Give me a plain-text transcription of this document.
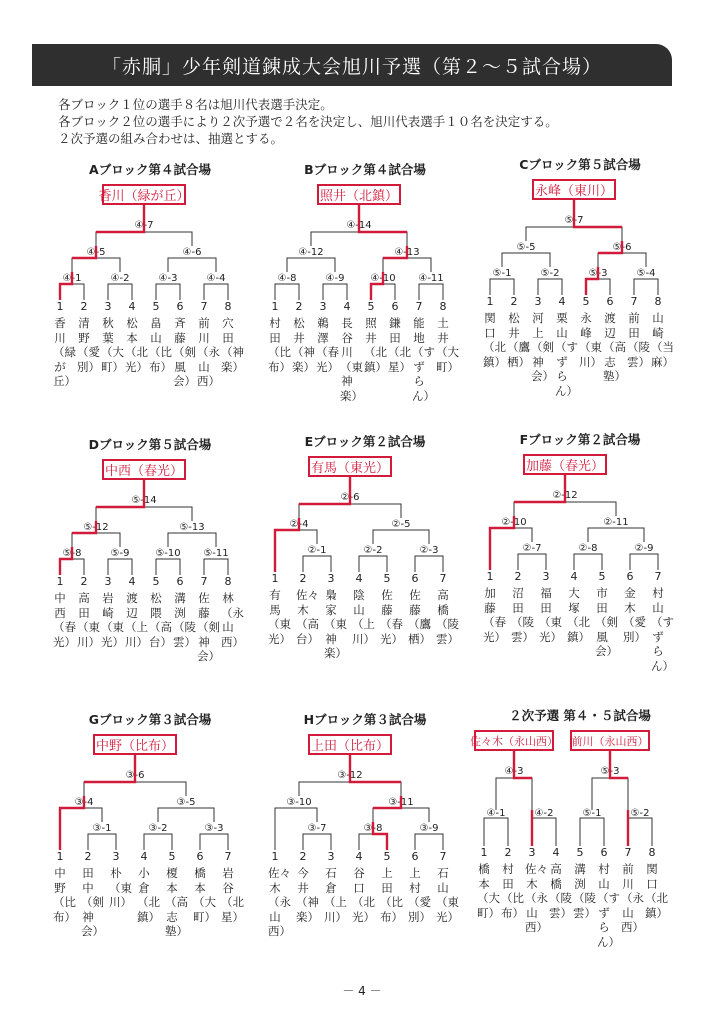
「赤胴」少年剣道錬成大会旭川予選（第２～５試合場）
各ブロック１位の選手８名は旭川代表選手決定。
各ブロック２位の選手により２次予選で２名を決定し、旭川代表選手１０名を決定する。
２次予選の組み合わせは、抽選とする。
Aブロック第４試合場
④-7
④-5	④-6
④-1	④-2	④-3	④-4
香川（緑が丘）
1
香川（緑が丘）
2
清野（愛別）
3
秋葉（大町）
4
松本（北光）
5
畠山（比布）
6
斉藤（剣風会）
7
前川（永山西）
8
穴田（神楽）
Bブロック第４試合場
④-14
④-12	④-13
④-8	④-9	④-10 ④-11
照井（北鎮）
1
村田（比布）
2
松井（神楽）
3
鵜澤（春光）
4
長谷川（東神楽）
5
照井（北鎮）
6
鎌田（北星）
7
能地（すずらん）
8
土井（大町）
Cブロック第５試合場
⑤-7
⑤-5	⑤-6
⑤-1	⑤-2	⑤-3	⑤-4
永峰（東川）
1
関口（北鎮）
2
松井（鷹栖）
3
河上（剣神会）
4
栗山（すずらん）
5
永峰（東川）
6
渡辺（高志塾）
7
前田（陵雲）
8
山崎（当麻）
Dブロック第５試合場
⑤-14
⑤-12	⑤-13
⑤-8	⑤-9	⑤-10 ⑤-11
中西（春光）
1
中西（春光）
2
高田（東川）
3
岩崎（東光）
4
渡辺（上川）
5
松隈（高台）
6
溝渕（陵雲）
7
佐藤（剣神会）
8
林（永山西）
Eブロック第２試合場
②-6
②-4	②-5
②-1	②-2	②-3
有馬（東光）
1
有馬（東光）
2
佐々木（高台）
3
梟家（東神楽）
4
陰山（上川）
5
佐藤（春光）
6
佐藤（鷹栖）
7
高橋（陵雲）
Fブロック第２試合場
②-12
②-10	②-11
②-7	②-8	②-9
加藤（春光）
1
加藤（春光）
2
沼田（陵雲）
3
福田（東光）
4
大塚（北鎮）
5
市田（剣風会）
6
金木（愛別）
7
村山（すずらん）
Gブロック第３試合場
③-6
③-4	③-5
③-1	③-2	③-3
中野（比布）
1
中野（比布）
2
田中（剣神会）
3
朴（東川）
4
小倉（北鎮）
5
榎本（高志塾）
6
橋本（大町）
7
岩谷（北星）
Hブロック第３試合場
③-12
③-10	③-11
③-7	③-8	③-9
上田（比布）
1
佐々木（永山西）
2
今井（神楽）
3
石倉（上川）
4
谷口（北光）
5
上田（比布）
6
上村（愛別）
7
石山（東光）
２次予選 第４・５試合場
④-3	⑤-3
④-1	④-2	⑤-1	⑤-2
佐々木（永山西） 前川（永山西）
1
橋本（大町）
2
村田（比布）
3
佐々木（永山西）
4
高橋（陵雲）
5
溝渕（陵雲）
6
村山（すずらん）
7
前川（永山西）
8
関口（北鎮）
－ 4 －
